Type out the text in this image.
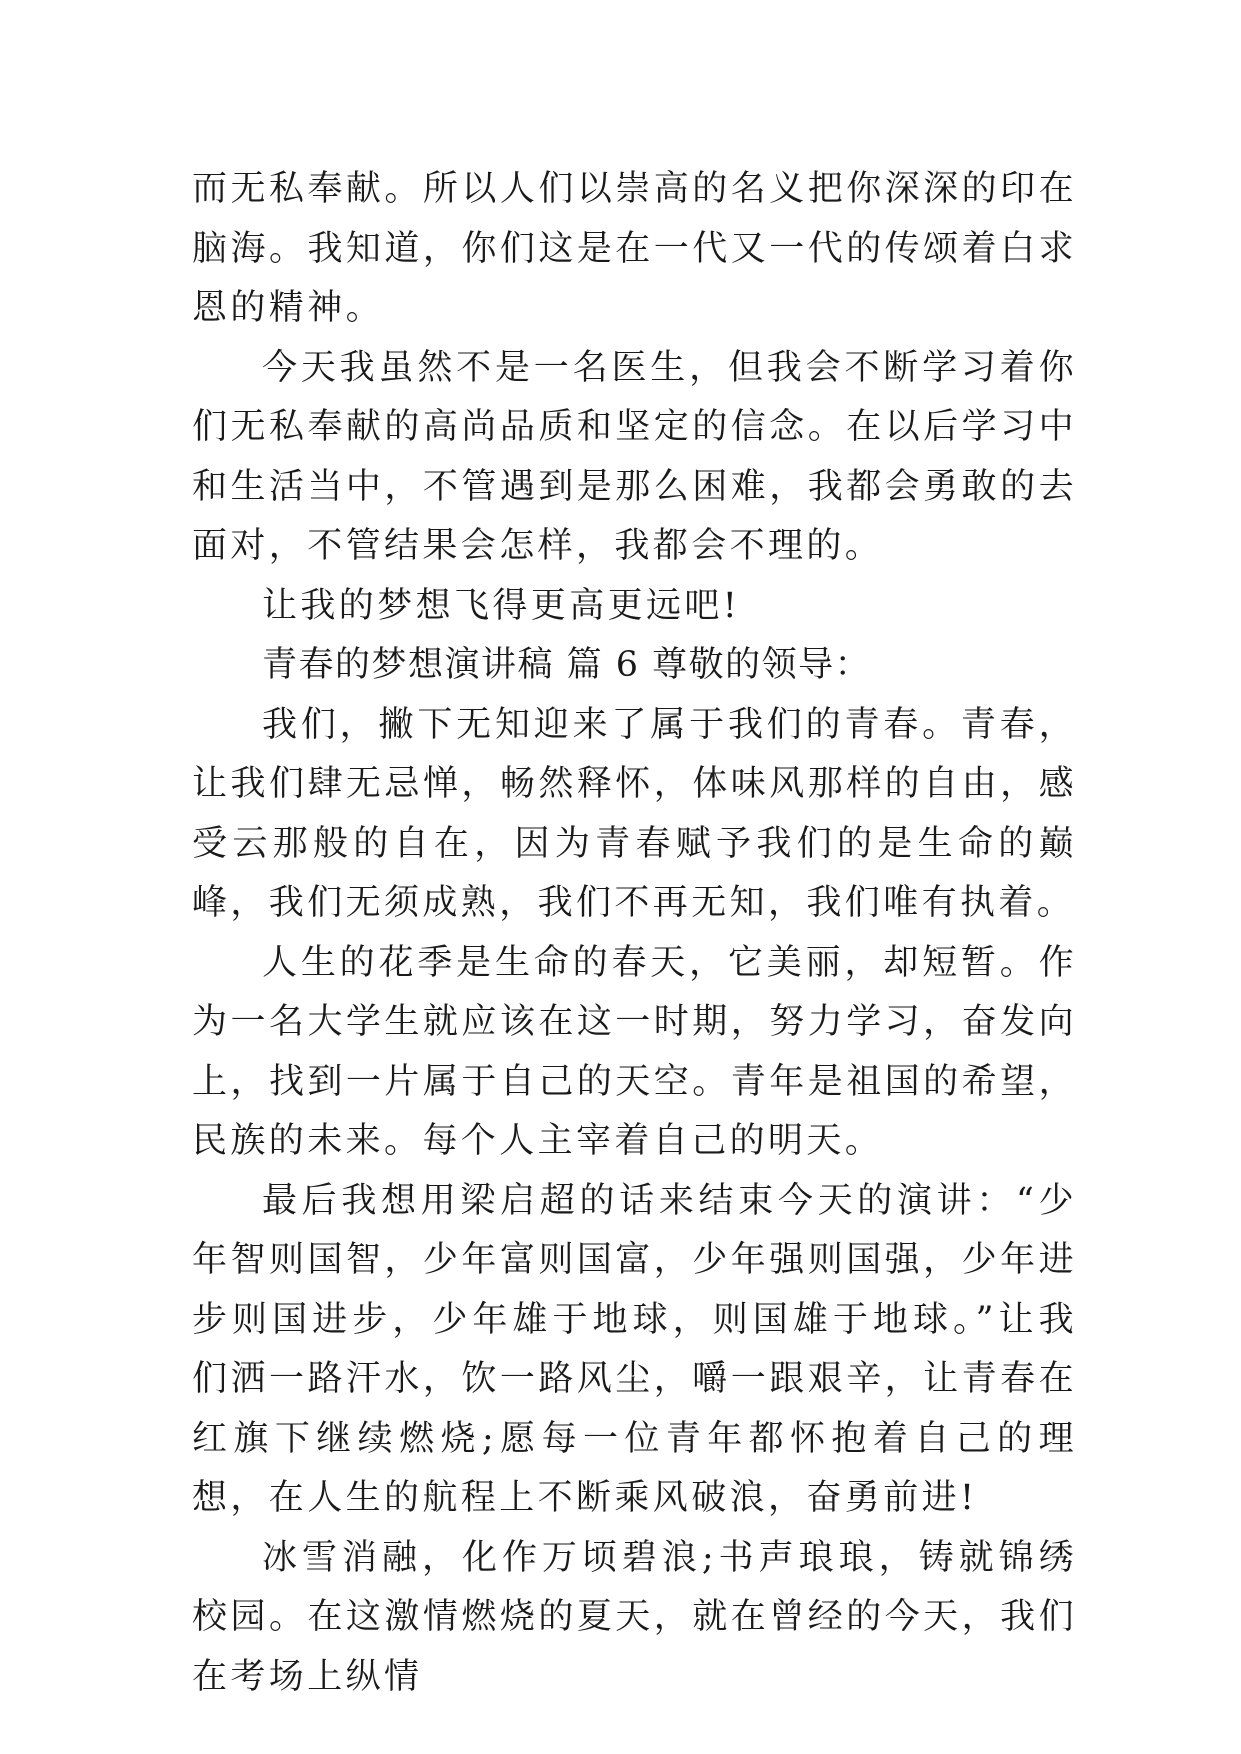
而无私奉献。所以人们以崇高的名义把你深深的印在脑海。我知道，你们这是在一代又一代的传颂着白求恩的精神。

今天我虽然不是一名医生，但我会不断学习着你们无私奉献的高尚品质和坚定的信念。在以后学习中和生活当中，不管遇到是那么困难，我都会勇敢的去面对，不管结果会怎样，我都会不理的。

让我的梦想飞得更高更远吧!

青春的梦想演讲稿 篇 6 尊敬的领导：

我们，撇下无知迎来了属于我们的青春。青春，让我们肆无忌惮，畅然释怀，体味风那样的自由，感受云那般的自在，因为青春赋予我们的是生命的巅峰，我们无须成熟，我们不再无知，我们唯有执着。

人生的花季是生命的春天，它美丽，却短暂。作为一名大学生就应该在这一时期，努力学习，奋发向上，找到一片属于自己的天空。青年是祖国的希望，民族的未来。每个人主宰着自己的明天。

最后我想用梁启超的话来结束今天的演讲：“少年智则国智，少年富则国富，少年强则国强，少年进步则国进步，少年雄于地球，则国雄于地球。”让我们洒一路汗水，饮一路风尘，嚼一跟艰辛，让青春在红旗下继续燃烧;愿每一位青年都怀抱着自己的理想，在人生的航程上不断乘风破浪，奋勇前进!

冰雪消融，化作万顷碧浪;书声琅琅，铸就锦绣校园。在这激情燃烧的夏天，就在曾经的今天，我们在考场上纵情
